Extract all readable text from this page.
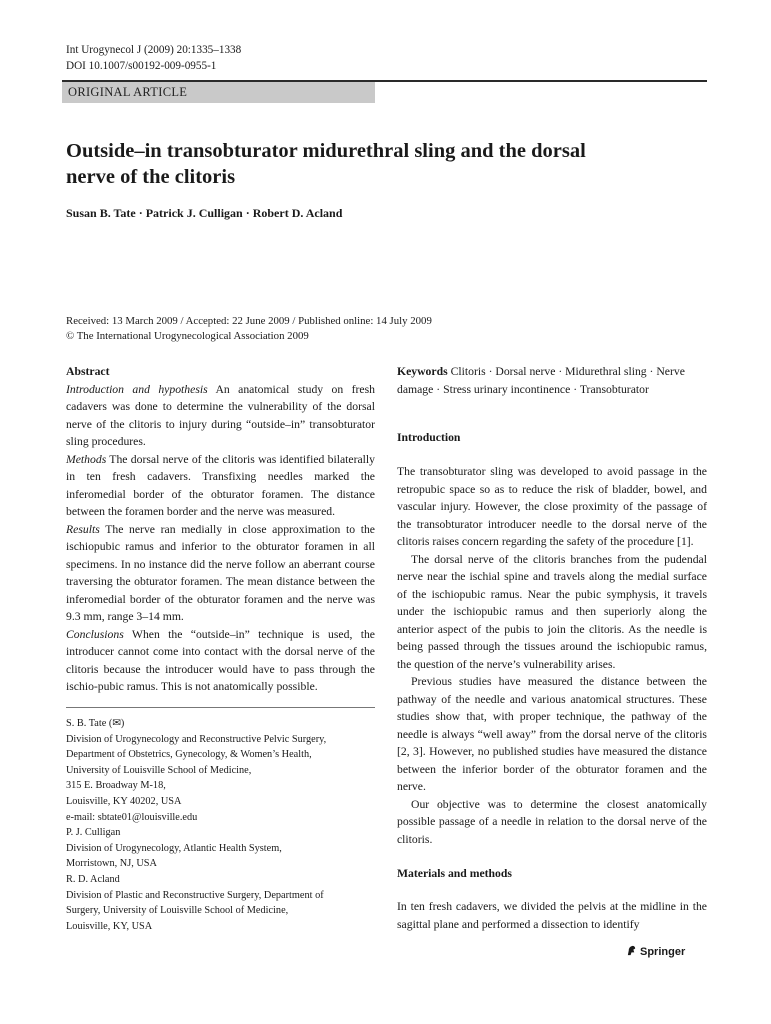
Int Urogynecol J (2009) 20:1335–1338
DOI 10.1007/s00192-009-0955-1
ORIGINAL ARTICLE
Outside–in transobturator midurethral sling and the dorsal
nerve of the clitoris
Susan B. Tate · Patrick J. Culligan · Robert D. Acland
Received: 13 March 2009 / Accepted: 22 June 2009 / Published online: 14 July 2009
© The International Urogynecological Association 2009
Abstract

Introduction and hypothesis An anatomical study on fresh cadavers was done to determine the vulnerability of the dorsal nerve of the clitoris to injury during “outside–in” transobturator sling procedures.

Methods The dorsal nerve of the clitoris was identified bilaterally in ten fresh cadavers. Transfixing needles marked the inferomedial border of the obturator foramen. The distance between the foramen border and the nerve was measured.

Results The nerve ran medially in close approximation to the ischiopubic ramus and inferior to the obturator foramen in all specimens. In no instance did the nerve follow an aberrant course traversing the obturator foramen. The mean distance between the inferomedial border of the obturator foramen and the nerve was 9.3 mm, range 3–14 mm.

Conclusions When the “outside–in” technique is used, the introducer cannot come into contact with the dorsal nerve of the clitoris because the introducer would have to pass through the ischio-pubic ramus. This is not anatomically possible.

S. B. Tate (✉)
Division of Urogynecology and Reconstructive Pelvic Surgery,
Department of Obstetrics, Gynecology, & Women’s Health,
University of Louisville School of Medicine,
315 E. Broadway M-18,
Louisville, KY 40202, USA
e-mail: sbtate01@louisville.edu
P. J. Culligan
Division of Urogynecology, Atlantic Health System,
Morristown, NJ, USA
R. D. Acland
Division of Plastic and Reconstructive Surgery, Department of
Surgery, University of Louisville School of Medicine,
Louisville, KY, USA

Keywords Clitoris · Dorsal nerve · Midurethral sling · Nerve damage · Stress urinary incontinence · Transobturator

Introduction

The transobturator sling was developed to avoid passage in the retropubic space so as to reduce the risk of bladder, bowel, and vascular injury. However, the close proximity of the passage of the transobturator introducer needle to the dorsal nerve of the clitoris raises concern regarding the safety of the procedure [1].

The dorsal nerve of the clitoris branches from the pudendal nerve near the ischial spine and travels along the medial surface of the ischiopubic ramus. Near the pubic symphysis, it travels under the ischiopubic ramus and then superiorly along the anterior aspect of the pubis to join the clitoris. As the needle is being passed through the tissues around the ischiopubic ramus, the question of the nerve’s vulnerability arises.

Previous studies have measured the distance between the pathway of the needle and various anatomical structures. These studies show that, with proper technique, the pathway of the needle is always “well away” from the dorsal nerve of the clitoris [2, 3]. However, no published studies have measured the distance between the inferior border of the obturator foramen and the nerve.

Our objective was to determine the closest anatomically possible passage of a needle in relation to the dorsal nerve of the clitoris.

Materials and methods

In ten fresh cadavers, we divided the pelvis at the midline in the sagittal plane and performed a dissection to identify

Springer
